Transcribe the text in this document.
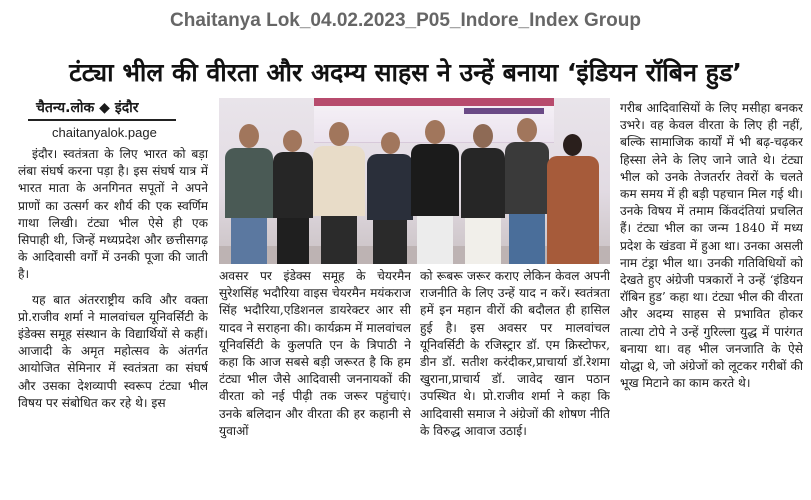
Chaitanya Lok_04.02.2023_P05_Indore_Index Group
टंट्या भील की वीरता और अदम्य साहस ने उन्हें बनाया ‘इंडियन रॉबिन हुड’
चैतन्य.लोक ◆ इंदौर
chaitanyalok.page

इंदौर। स्वतंत्रता के लिए भारत को बड़ा लंबा संघर्ष करना पड़ा है। इस संघर्ष यात्र में भारत माता के अनगिनत सपूतों ने अपने प्राणों का उत्सर्ग कर शौर्य की एक स्वर्णिम गाथा लिखी। टंट्या भील ऐसे ही एक सिपाही थी, जिन्हें मध्यप्रदेश और छत्तीसगढ़ के आदिवासी वर्गों में उनकी पूजा की जाती है।

यह बात अंतरराष्ट्रीय कवि और वक्ता प्रो.राजीव शर्मा ने मालवांचल यूनिवर्सिटी के इंडेक्स समूह संस्थान के विद्यार्थियों से कहीं। आजादी के अमृत महोत्सव के अंतर्गत आयोजित सेमिनार में स्वतंत्रता का संघर्ष और उसका देशव्यापी स्वरूप टंट्या भील विषय पर संबोधित कर रहे थे। इस

अवसर पर इंडेक्स समूह के चेयरमैन सुरेशसिंह भदौरिया वाइस चेयरमैन मयंकराज सिंह भदौरिया,एडिशनल डायरेक्टर आर सी यादव ने सराहना की। कार्यक्रम में मालवांचल यूनिवर्सिटी के कुलपति एन के त्रिपाठी ने कहा कि आज सबसे बड़ी जरूरत है कि हम टंट्या भील जैसे आदिवासी जननायकों की वीरता को नई पीढ़ी तक जरूर पहुंचाएं। उनके बलिदान और वीरता की हर कहानी से युवाओं

को रूबरू जरूर कराए लेकिन केवल अपनी राजनीति के लिए उन्हें याद न करें। स्वतंत्रता हमें इन महान वीरों की बदौलत ही हासिल हुई है। इस अवसर पर मालवांचल यूनिवर्सिटी के रजिस्ट्रार डॉ. एम क्रिस्टोफर, डीन डॉ. सतीश करंदीकर,प्राचार्या डॉ.रेशमा खुराना,प्राचार्य डॉ. जावेद खान पठान उपस्थित थे। प्रो.राजीव शर्मा ने कहा कि आदिवासी समाज ने अंग्रेजों की शोषण नीति के विरुद्ध आवाज उठाई।

गरीब आदिवासियों के लिए मसीहा बनकर उभरे। वह केवल वीरता के लिए ही नहीं, बल्कि सामाजिक कार्यों में भी बढ़-चढ़कर हिस्सा लेने के लिए जाने जाते थे। टंट्या भील को उनके तेजतर्रार तेवरों के चलते कम समय में ही बड़ी पहचान मिल गई थी। उनके विषय में तमाम किंवदंतियां प्रचलित हैं। टंट्या भील का जन्म 1840 में मध्य प्रदेश के खंडवा में हुआ था। उनका असली नाम टंड्रा भील था। उनकी गतिविधियों को देखते हुए अंग्रेजी पत्रकारों ने उन्हें ‘इंडियन रॉबिन हुड’ कहा था। टंट्या भील की वीरता और अदम्य साहस से प्रभावित होकर तात्या टोपे ने उन्हें गुरिल्ला युद्ध में पारंगत बनाया था। वह भील जनजाति के ऐसे योद्धा थे, जो अंग्रेजों को लूटकर गरीबों की भूख मिटाने का काम करते थे।
